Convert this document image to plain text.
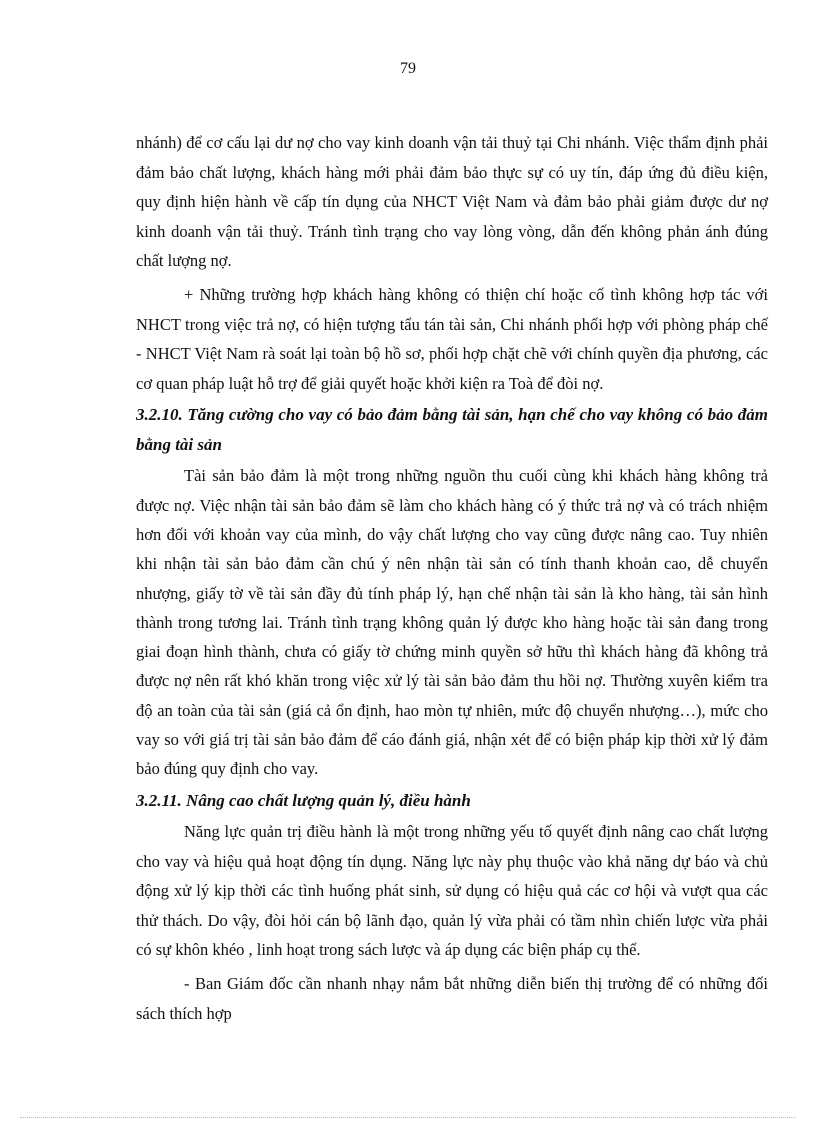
79

nhánh) để cơ cấu lại dư nợ cho vay kinh doanh vận tải thuỷ tại Chi nhánh. Việc thẩm định phải đảm bảo chất lượng, khách hàng mới phải đảm bảo thực sự có uy tín, đáp ứng đủ điều kiện, quy định hiện hành về cấp tín dụng của NHCT Việt Nam và đảm bảo phải giảm được dư nợ kinh doanh vận tải thuỷ. Tránh tình trạng cho vay lòng vòng, dẫn đến không phản ánh đúng chất lượng nợ.

+ Những trường hợp khách hàng không có thiện chí hoặc cố tình không hợp tác với NHCT trong việc trả nợ, có hiện tượng tẩu tán tài sản, Chi nhánh phối hợp với phòng pháp chế - NHCT Việt Nam rà soát lại toàn bộ hồ sơ, phối hợp chặt chẽ với chính quyền địa phương, các cơ quan pháp luật hỗ trợ để giải quyết hoặc khởi kiện ra Toà để đòi nợ.

3.2.10. Tăng cường cho vay có bảo đảm bằng tài sản, hạn chế cho vay không có bảo đảm bằng tài sản

Tài sản bảo đảm là một trong những nguồn thu cuối cùng khi khách hàng không trả được nợ. Việc nhận tài sản bảo đảm sẽ làm cho khách hàng có ý thức trả nợ và có trách nhiệm hơn đối với khoản vay của mình, do vậy chất lượng cho vay cũng được nâng cao. Tuy nhiên khi nhận tài sản bảo đảm cần chú ý nên nhận tài sản có tính thanh khoản cao, dễ chuyển nhượng, giấy tờ về tài sản đầy đủ tính pháp lý, hạn chế nhận tài sản là kho hàng, tài sản hình thành trong tương lai. Tránh tình trạng không quản lý được kho hàng hoặc tài sản đang trong giai đoạn hình thành, chưa có giấy tờ chứng minh quyền sở hữu thì khách hàng đã không trả được nợ nên rất khó khăn trong việc xử lý tài sản bảo đảm thu hồi nợ. Thường xuyên kiểm tra độ an toàn của tài sản (giá cả ổn định, hao mòn tự nhiên, mức độ chuyển nhượng…), mức cho vay so với giá trị tài sản bảo đảm để cáo đánh giá, nhận xét để có biện pháp kịp thời xử lý đảm bảo đúng quy định cho vay.

3.2.11. Nâng cao chất lượng quản lý, điều hành

Năng lực quản trị điều hành là một trong những yếu tố quyết định nâng cao chất lượng cho vay và hiệu quả hoạt động tín dụng. Năng lực này phụ thuộc vào khả năng dự báo và chủ động xử lý kịp thời các tình huống phát sinh, sử dụng có hiệu quả các cơ hội và vượt qua các thử thách. Do vậy, đòi hỏi cán bộ lãnh đạo, quản lý vừa phải có tầm nhìn chiến lược vừa phải có sự khôn khéo , linh hoạt trong sách lược và áp dụng các biện pháp cụ thể.

- Ban Giám đốc cần nhanh nhạy nắm bắt những diễn biến thị trường để có những đối sách thích hợp
